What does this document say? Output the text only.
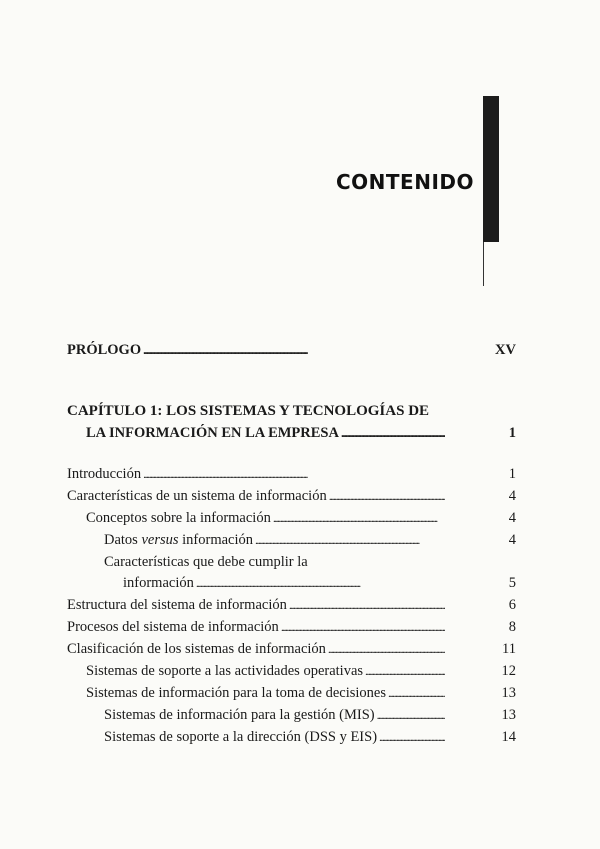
CONTENIDO
PRÓLOGO . . .	XV
CAPÍTULO 1: LOS SISTEMAS Y TECNOLOGÍAS DE
LA INFORMACIÓN EN LA EMPRESA . . .	1
Introducción . . .	1
Características de un sistema de información . . .	4
Conceptos sobre la información . . .	4
Datos versus información . . .	4
Características que debe cumplir la
información . . .	5
Estructura del sistema de información . . .	6
Procesos del sistema de información . . .	8
Clasificación de los sistemas de información . . .	11
Sistemas de soporte a las actividades operativas . . .	12
Sistemas de información para la toma de decisiones . . .	13
Sistemas de información para la gestión (MIS) . . .	13
Sistemas de soporte a la dirección (DSS y EIS) . . .	14
